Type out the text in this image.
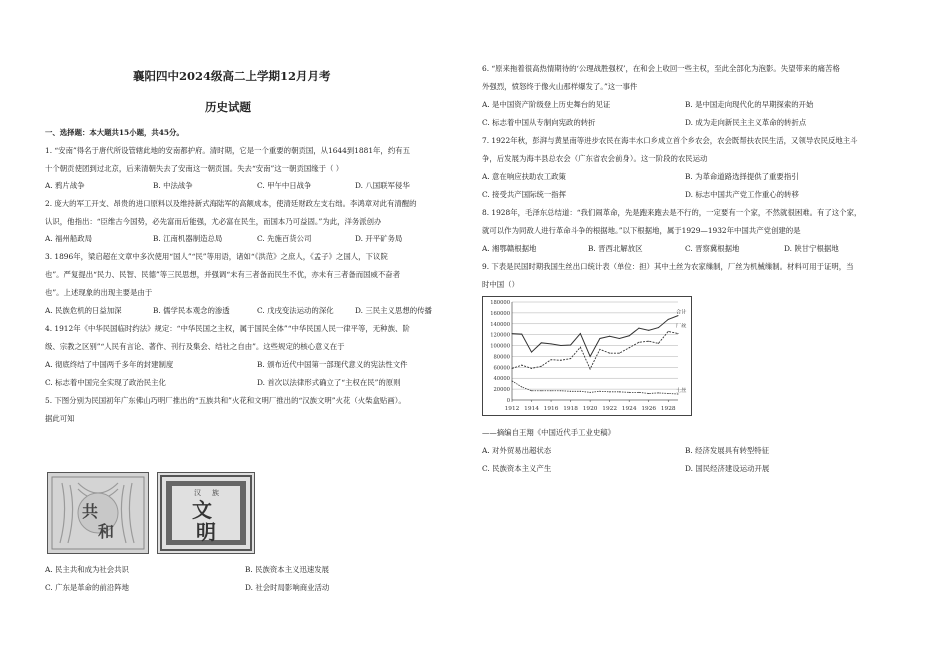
襄阳四中2024级高二上学期12月月考
历史试题
一、选择题：本大题共15小题，共45分。
1. “安南”得名于唐代所设管辖此地的安南都护府。清时期，它是一个重要的朝贡国，从1644到1881年，约有五
十个朝贡使团到过北京，后来清朝失去了安南这一朝贡国。失去“安南”这一朝贡国缘于（ ）
A. 鸦片战争	B. 中法战争	C. 甲午中日战争	D. 八国联军侵华
2. 庞大的军工开支、昂贵的进口原料以及维持新式海陆军的高额成本，使清廷财政左支右绌。李鸿章对此有清醒的
认识，他指出：“臣维古今国势，必先富而后能强，尤必富在民生，而国本乃可益固。”为此，洋务派创办
A. 福州船政局	B. 江南机器制造总局	C. 先施百货公司	D. 开平矿务局
3. 1896年，梁启超在文章中多次使用“国人”“民”等用语，诸如“《洪范》之庶人，《孟子》之国人，下议院
也”。严复提出“民力、民智、民德”等三民思想，并强调“未有三者备而民生不优，亦未有三者备而国威不奋者
也”。上述现象的出现主要是由于
A. 民族危机的日益加深	B. 儒学民本观念的渗透	C. 戊戌变法运动的深化	D. 三民主义思想的传播
4. 1912年《中华民国临时约法》规定：“中华民国之主权，属于国民全体”“中华民国人民一律平等，无种族、阶
级、宗教之区别”“人民有言论、著作、刊行及集会、结社之自由”。这些规定的核心意义在于
A. 彻底终结了中国两千多年的封建制度	B. 颁布近代中国第一部现代意义的宪法性文件
C. 标志着中国完全实现了政治民主化	D. 首次以法律形式确立了“主权在民”的原则
5. 下图分别为民国初年广东佛山巧明厂推出的“五族共和”火花和文明厂推出的“汉族文明”火花（火柴盒贴画）。
据此可知
共
和
汉 族
文
明
A. 民主共和成为社会共识	B. 民族资本主义迅速发展
C. 广东是革命的前沿阵地	D. 社会时局影响商业活动
6. “原来拖着很高热情期待的‘公理战胜强权’，在和会上收回一些主权，至此全部化为泡影。失望带来的痛苦格
外强烈，愤怒终于像火山那样爆发了。”这一事件
A. 是中国资产阶级登上历史舞台的见证	B. 是中国走向现代化的早期探索的开始
C. 标志着中国从专制向宪政的转折	D. 成为走向新民主主义革命的转折点
7. 1922年秋，彭湃与黄星南等进步农民在海丰水口乡成立首个乡农会，农会既帮扶农民生活，又领导农民反地主斗
争，后发展为海丰县总农会（广东省农会前身）。这一阶段的农民运动
A. 意在响应扶助农工政策	B. 为革命道路选择提供了重要指引
C. 接受共产国际统一指挥	D. 标志中国共产党工作重心的转移
8. 1928年，毛泽东总结道：“我们闹革命，先是跑来跑去是不行的，一定要有一个家，不然就很困难。有了这个家，
就可以作为同敌人进行革命斗争的根据地。”以下根据地，属于1929—1932年中国共产党创建的是
A. 湘鄂赣根据地	B. 晋西北解放区	C. 晋察冀根据地	D. 陕甘宁根据地
9. 下表是民国时期我国生丝出口统计表（单位：担）其中土丝为农家缫制，厂丝为机械缫制。材料可用于证明，当
时中国（）
180000
160000
140000
120000
100000
80000
60000
40000
20000
0
1912 1914 1916 1918 1920 1922 1924 1926 1928
合计
厂丝
土丝
——摘编自王翔《中国近代手工业史稿》
A. 对外贸易出超状态	B. 经济发展具有转型特征
C. 民族资本主义产生	D. 国民经济建设运动开展
